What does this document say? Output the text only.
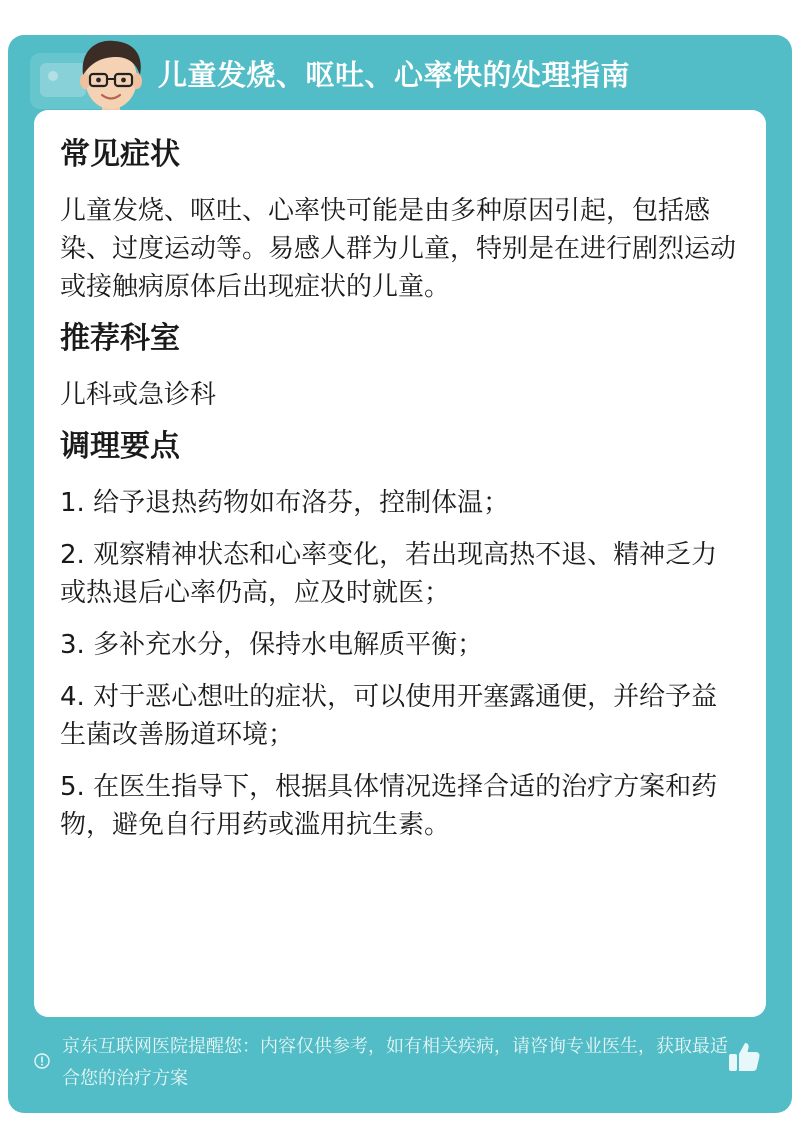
儿童发烧、呕吐、心率快的处理指南
常见症状

儿童发烧、呕吐、心率快可能是由多种原因引起，包括感染、过度运动等。易感人群为儿童，特别是在进行剧烈运动或接触病原体后出现症状的儿童。

推荐科室

儿科或急诊科

调理要点

1. 给予退热药物如布洛芬，控制体温；

2. 观察精神状态和心率变化，若出现高热不退、精神乏力或热退后心率仍高，应及时就医；

3. 多补充水分，保持水电解质平衡；

4. 对于恶心想吐的症状，可以使用开塞露通便，并给予益生菌改善肠道环境；

5. 在医生指导下，根据具体情况选择合适的治疗方案和药物，避免自行用药或滥用抗生素。

京东互联网医院提醒您：内容仅供参考，如有相关疾病，请咨询专业医生，获取最适合您的治疗方案
